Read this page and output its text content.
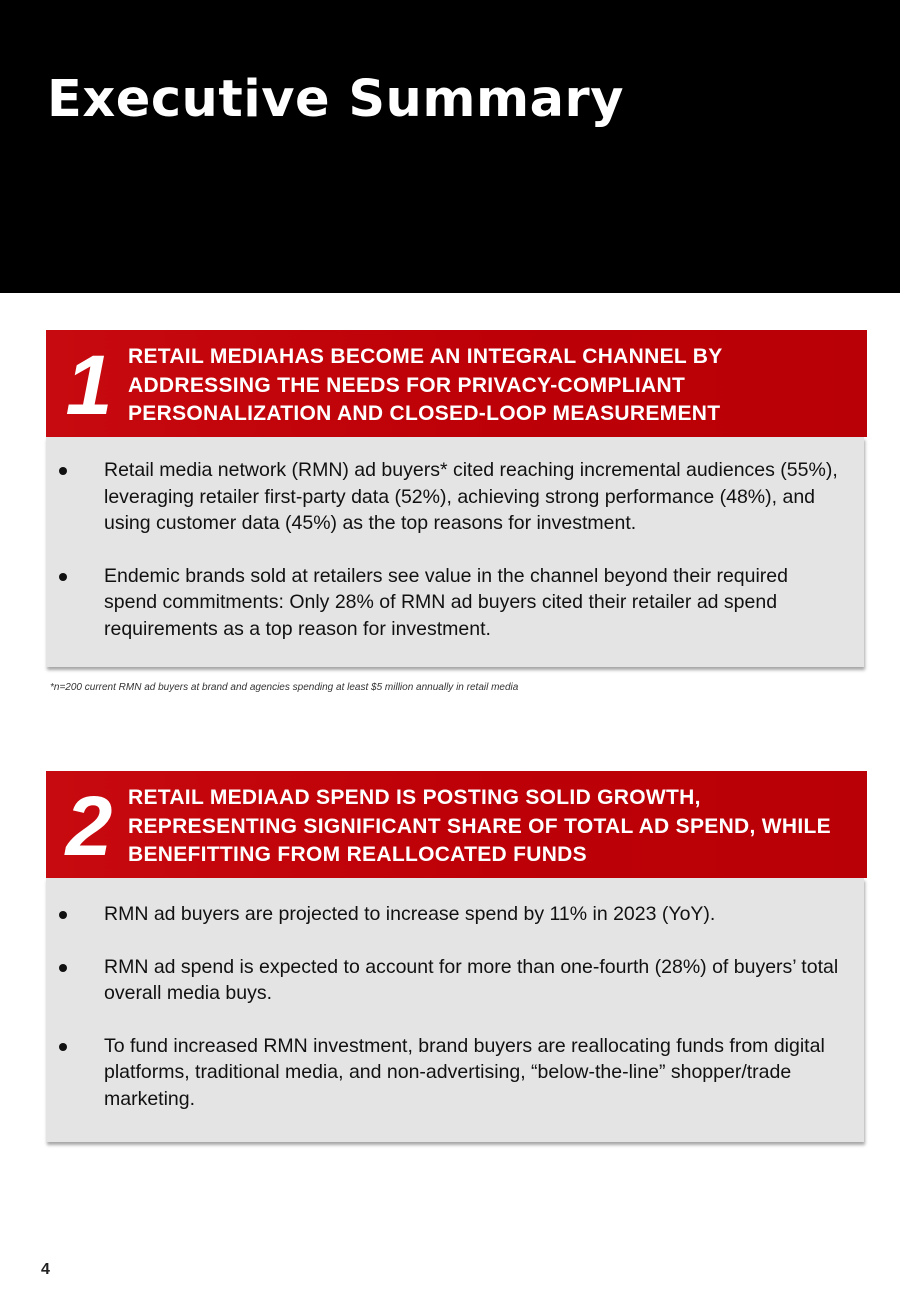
Executive Summary
1 RETAIL MEDIAHAS BECOME AN INTEGRAL CHANNEL BY ADDRESSING THE NEEDS FOR PRIVACY-COMPLIANT PERSONALIZATION AND CLOSED-LOOP MEASUREMENT
Retail media network (RMN) ad buyers* cited reaching incremental audiences (55%), leveraging retailer first-party data (52%), achieving strong performance (48%), and using customer data (45%) as the top reasons for investment.
Endemic brands sold at retailers see value in the channel beyond their required spend commitments: Only 28% of RMN ad buyers cited their retailer ad spend requirements as a top reason for investment.
*n=200 current RMN ad buyers at brand and agencies spending at least $5 million annually in retail media
2 RETAIL MEDIAAD SPEND IS POSTING SOLID GROWTH, REPRESENTING SIGNIFICANT SHARE OF TOTAL AD SPEND, WHILE BENEFITTING FROM REALLOCATED FUNDS
RMN ad buyers are projected to increase spend by 11% in 2023 (YoY).
RMN ad spend is expected to account for more than one-fourth (28%) of buyers’ total overall media buys.
To fund increased RMN investment, brand buyers are reallocating funds from digital platforms, traditional media, and non-advertising, “below-the-line” shopper/trade marketing.
4
